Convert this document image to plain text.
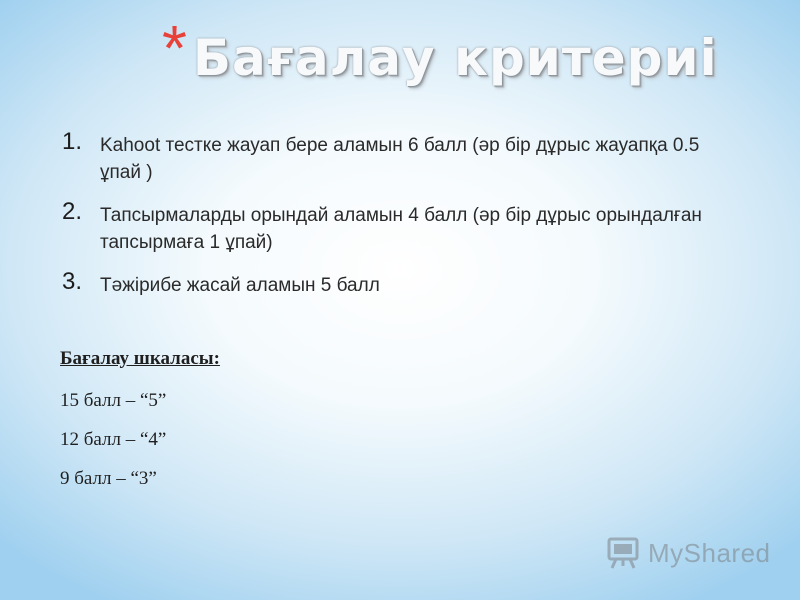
* Бағалау критериі
1. Kahoot тестке жауап бере аламын 6 балл (әр бір дұрыс жауапқа 0.5 ұпай )
2. Тапсырмаларды орындай аламын 4 балл (әр бір дұрыс орындалған тапсырмаға 1 ұпай)
3. Тәжірибе жасай аламын 5 балл

Бағалау шкаласы:

15 балл – “5”

12 балл – “4”

9 балл – “3”

MyShared
